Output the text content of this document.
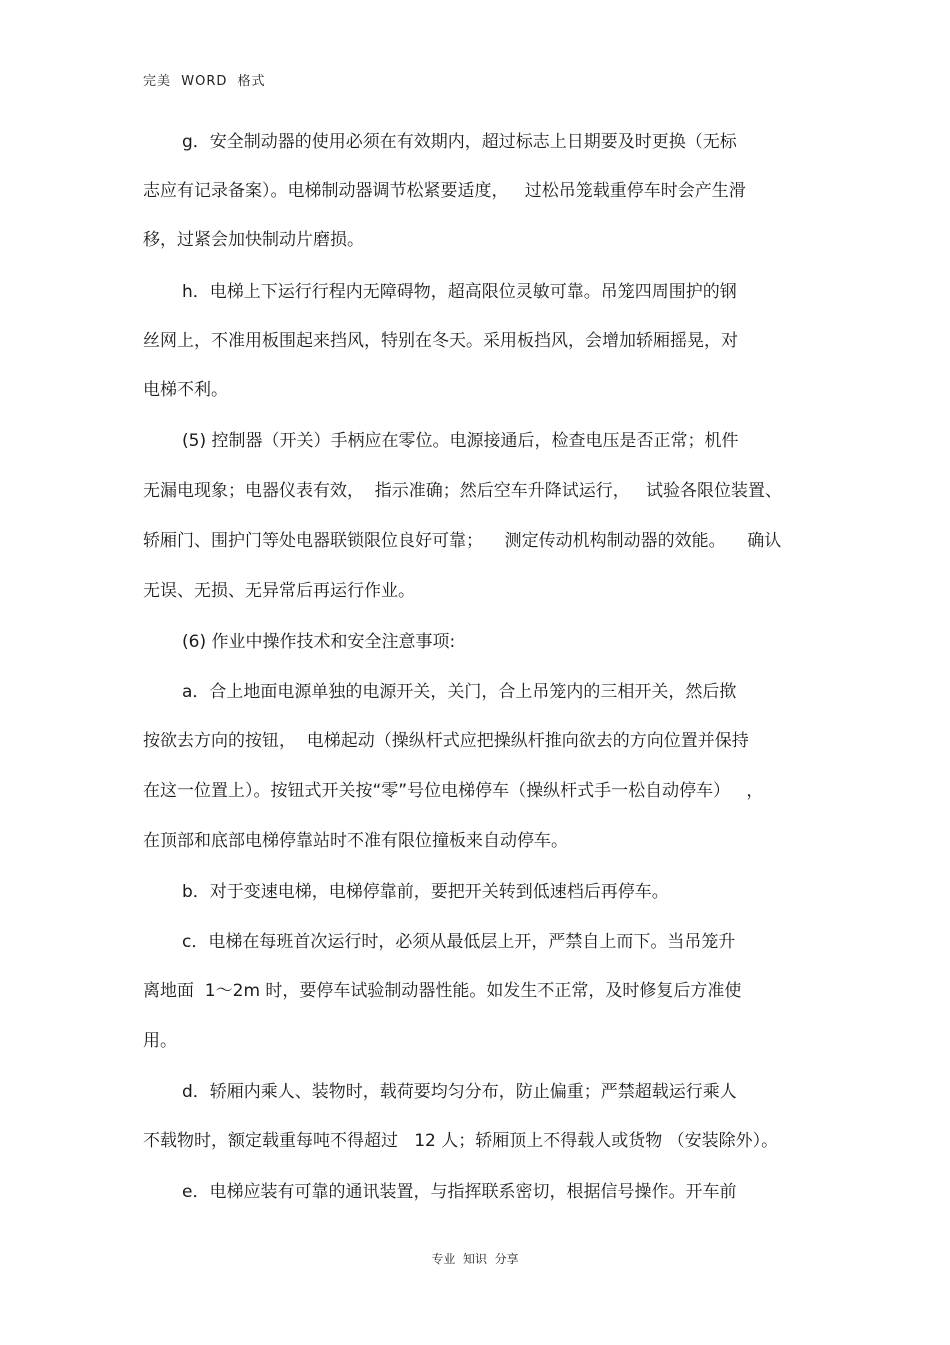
完美  WORD  格式
g．安全制动器的使用必须在有效期内，超过标志上日期要及时更换（无标
志应有记录备案）。电梯制动器调节松紧要适度，   过松吊笼载重停车时会产生滑
移，过紧会加快制动片磨损。
h．电梯上下运行行程内无障碍物，超高限位灵敏可靠。吊笼四周围护的钢
丝网上，不准用板围起来挡风，特别在冬天。采用板挡风，会增加轿厢摇晃，对
电梯不利。
(5) 控制器（开关）手柄应在零位。电源接通后，检查电压是否正常；机件
无漏电现象；电器仪表有效，  指示准确；然后空车升降试运行，   试验各限位装置、
轿厢门、围护门等处电器联锁限位良好可靠；    测定传动机构制动器的效能。    确认
无误、无损、无异常后再运行作业。
(6) 作业中操作技术和安全注意事项:
a．合上地面电源单独的电源开关，关门，合上吊笼内的三相开关，然后揿
按欲去方向的按钮，  电梯起动（操纵杆式应把操纵杆推向欲去的方向位置并保持
在这一位置上）。按钮式开关按“零”号位电梯停车（操纵杆式手一松自动停车）   ，
在顶部和底部电梯停靠站时不准有限位撞板来自动停车。
b．对于变速电梯，电梯停靠前，要把开关转到低速档后再停车。
c．电梯在每班首次运行时，必须从最低层上开，严禁自上而下。当吊笼升
离地面  1～2m 时，要停车试验制动器性能。如发生不正常，及时修复后方准使
用。
d．轿厢内乘人、装物时，载荷要均匀分布，防止偏重；严禁超载运行乘人
不载物时，额定载重每吨不得超过   12 人；轿厢顶上不得载人或货物 （安装除外）。
e．电梯应装有可靠的通讯装置，与指挥联系密切，根据信号操作。开车前
专业  知识  分享
